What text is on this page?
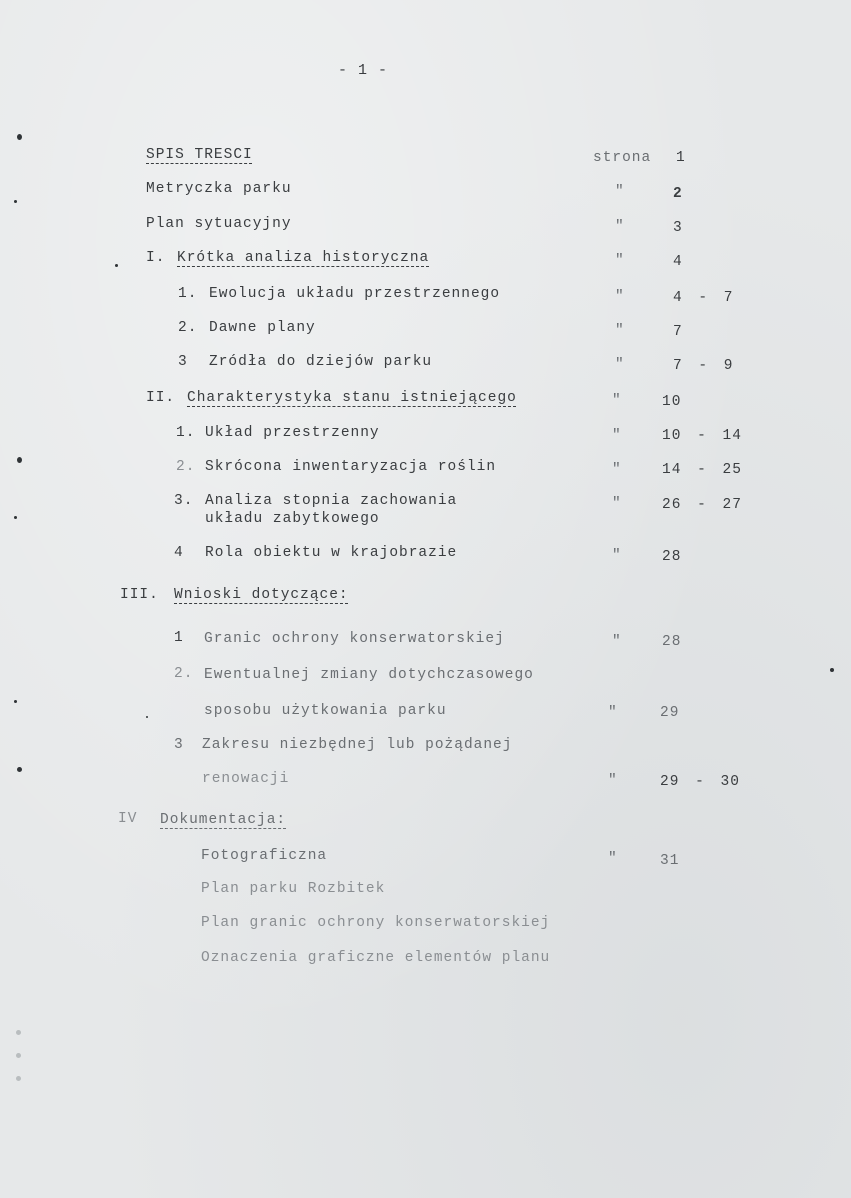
- 1 -
SPIS TRESCI	strona 1
Metryczka parku	"	2
Plan sytuacyjny	"	3
I. Krótka analiza historyczna	"	4
1. Ewolucja układu przestrzennego	"	4 - 7
2. Dawne plany	"	7
3 Zródła do dziejów parku	"	7 - 9
II. Charakterystyka stanu istniejącego	"	10
1. Układ przestrzenny	"	10 - 14
2. Skrócona inwentaryzacja roślin	"	14 - 25
3. Analiza stopnia zachowania
układu zabytkowego
"	26 - 27
4 Rola obiektu w krajobrazie	"	28
III. Wnioski dotyczące:
1 Granic ochrony konserwatorskiej	"	28
2. Ewentualnej zmiany dotychczasowego
sposobu użytkowania parku	"	29
3 Zakresu niezbędnej lub pożądanej
renowacji	"	29 - 30
IV Dokumentacja:
Fotograficzna	"	31
Plan parku Rozbitek
Plan granic ochrony konserwatorskiej
Oznaczenia graficzne elementów planu
